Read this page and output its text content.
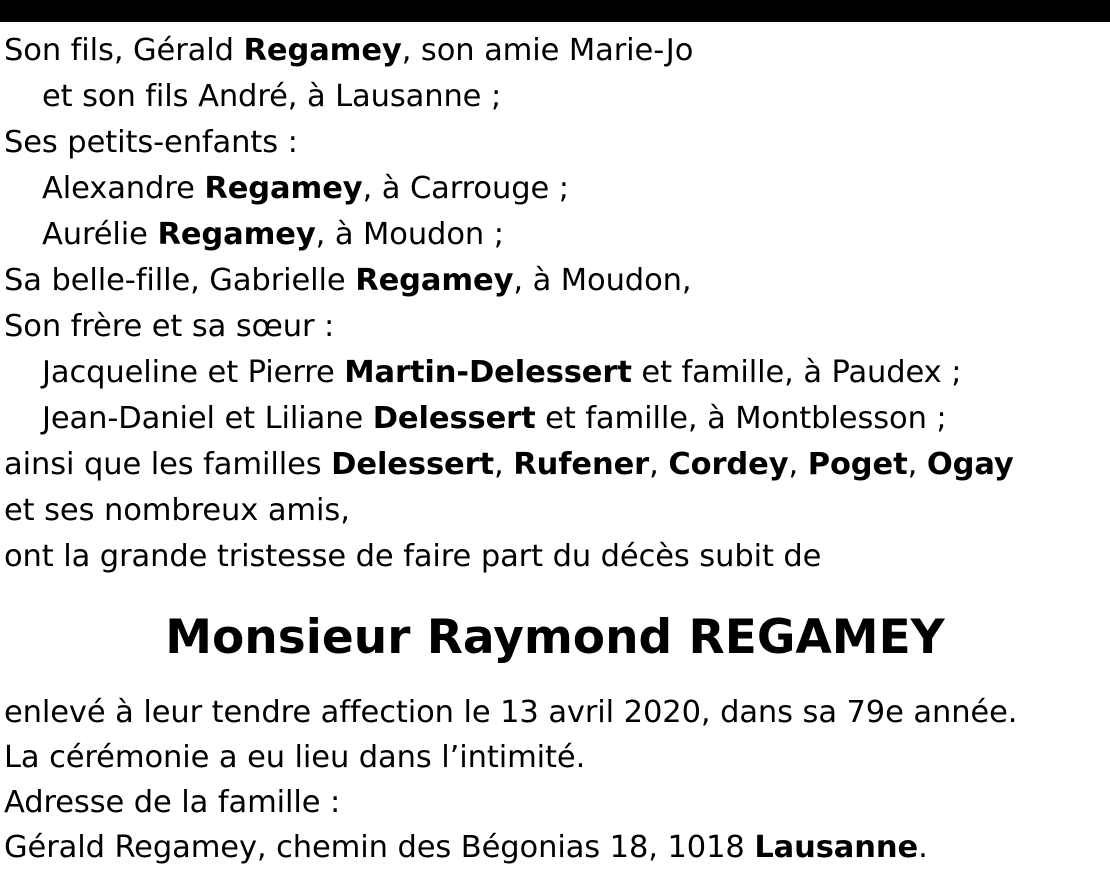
Son fils, Gérald Regamey, son amie Marie-Jo
et son fils André, à Lausanne ;
Ses petits-enfants :
Alexandre Regamey, à Carrouge ;
Aurélie Regamey, à Moudon ;
Sa belle-fille, Gabrielle Regamey, à Moudon,
Son frère et sa sœur :
Jacqueline et Pierre Martin-Delessert et famille, à Paudex ;
Jean-Daniel et Liliane Delessert et famille, à Montblesson ;
ainsi que les familles Delessert, Rufener, Cordey, Poget, Ogay
et ses nombreux amis,
ont la grande tristesse de faire part du décès subit de
Monsieur Raymond REGAMEY
enlevé à leur tendre affection le 13 avril 2020, dans sa 79e année.
La cérémonie a eu lieu dans l’intimité.
Adresse de la famille :
Gérald Regamey, chemin des Bégonias 18, 1018 Lausanne.
